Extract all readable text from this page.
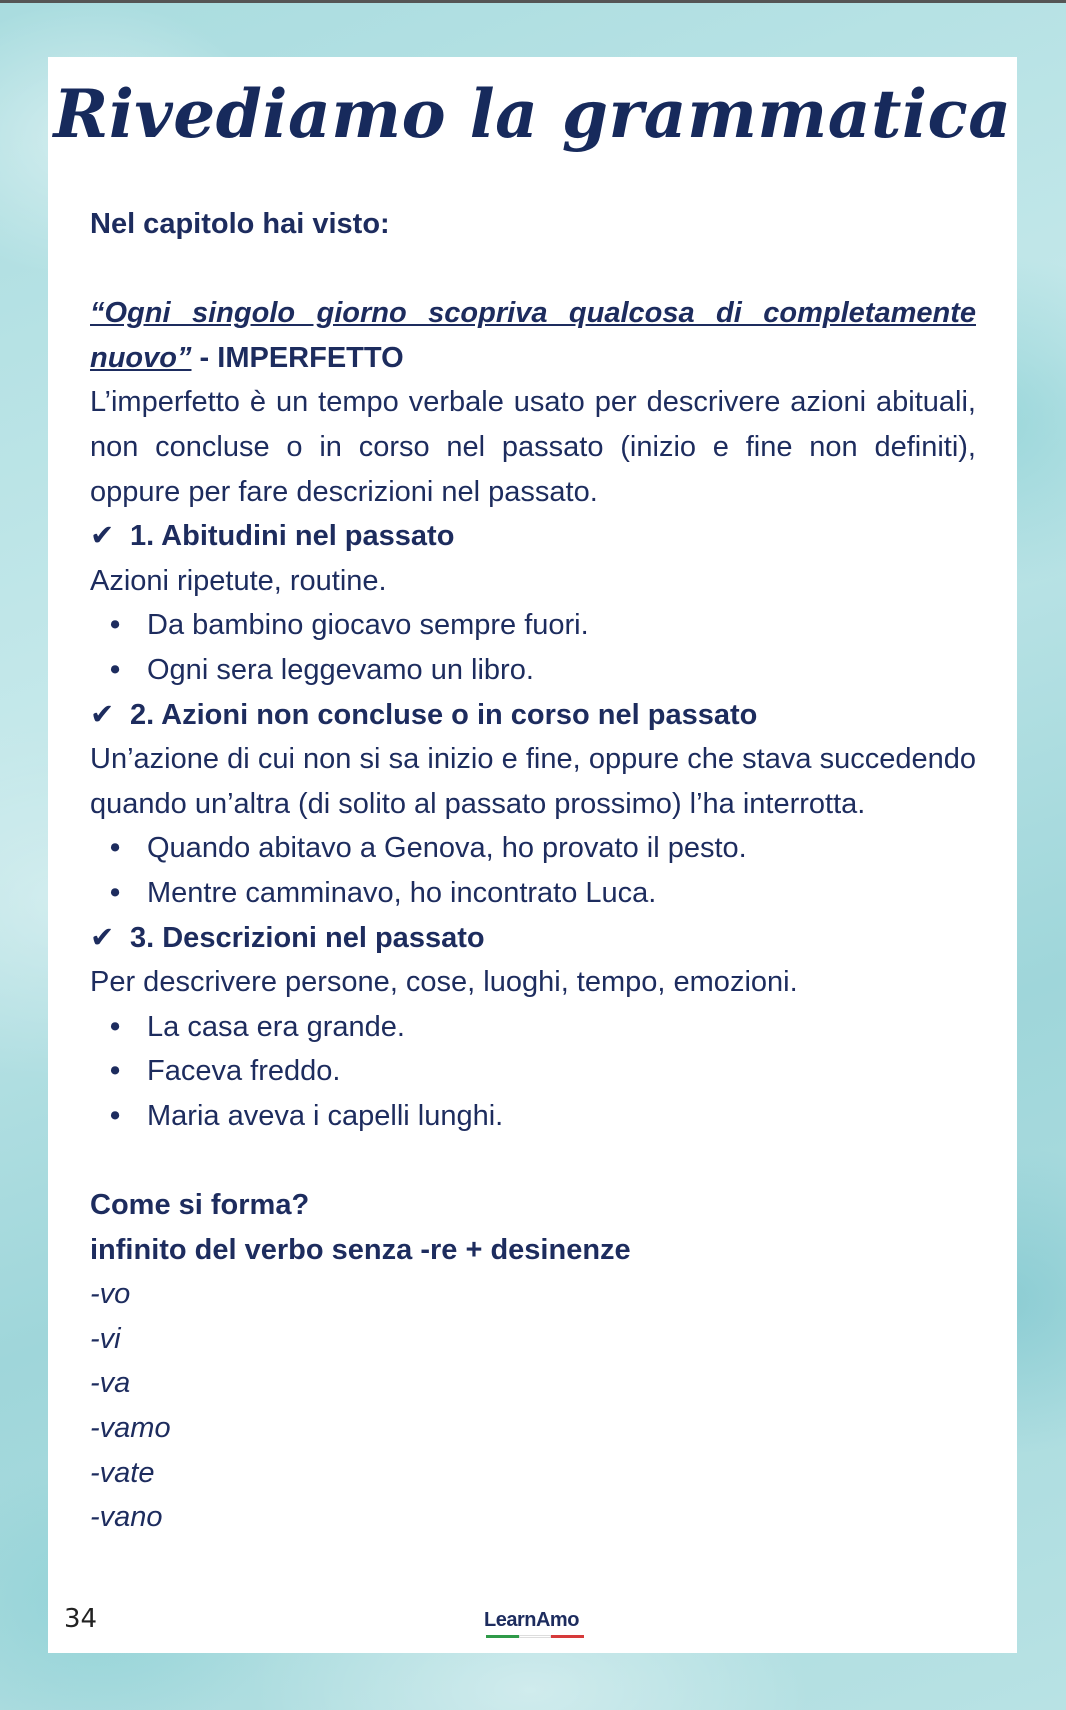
Rivediamo la grammatica

Nel capitolo hai visto:

“Ogni singolo giorno scopriva qualcosa di completamente nuovo” - IMPERFETTO

L’imperfetto è un tempo verbale usato per descrivere azioni abituali, non concluse o in corso nel passato (inizio e fine non definiti), oppure per fare descrizioni nel passato.

✔ 1. Abitudini nel passato

Azioni ripetute, routine.

• Da bambino giocavo sempre fuori.
• Ogni sera leggevamo un libro.

✔ 2. Azioni non concluse o in corso nel passato

Un’azione di cui non si sa inizio e fine, oppure che stava succedendo quando un’altra (di solito al passato prossimo) l’ha interrotta.

• Quando abitavo a Genova, ho provato il pesto.
• Mentre camminavo, ho incontrato Luca.

✔ 3. Descrizioni nel passato

Per descrivere persone, cose, luoghi, tempo, emozioni.

• La casa era grande.
• Faceva freddo.
• Maria aveva i capelli lunghi.

Come si forma?

infinito del verbo senza -re + desinenze

-vo

-vi

-va

-vamo

-vate

-vano

34	LearnAmo
